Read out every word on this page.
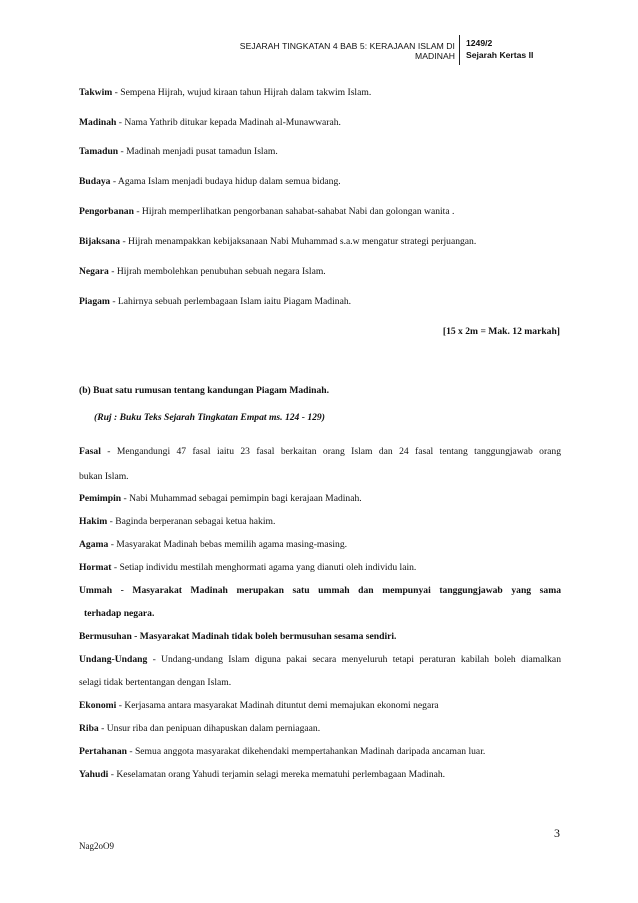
SEJARAH TINGKATAN 4 BAB 5: KERAJAAN ISLAM DI MADINAH
1249/2
Sejarah Kertas II
Takwim - Sempena Hijrah, wujud kiraan tahun Hijrah dalam takwim Islam.
Madinah - Nama Yathrib ditukar kepada Madinah al-Munawwarah.
Tamadun - Madinah menjadi pusat tamadun Islam.
Budaya - Agama Islam menjadi budaya hidup dalam semua bidang.
Pengorbanan - Hijrah memperlihatkan pengorbanan sahabat-sahabat Nabi dan golongan wanita .
Bijaksana - Hijrah menampakkan kebijaksanaan Nabi Muhammad s.a.w mengatur strategi perjuangan.
Negara - Hijrah membolehkan penubuhan sebuah negara Islam.
Piagam - Lahirnya sebuah perlembagaan Islam iaitu Piagam Madinah.
[15 x 2m = Mak. 12 markah]
(b) Buat satu rumusan tentang kandungan Piagam Madinah.
(Ruj : Buku Teks Sejarah Tingkatan Empat ms. 124 - 129)
Fasal - Mengandungi 47 fasal iaitu 23 fasal berkaitan orang Islam dan 24 fasal tentang tanggungjawab orang
bukan Islam.
Pemimpin - Nabi Muhammad sebagai pemimpin bagi kerajaan Madinah.
Hakim - Baginda berperanan sebagai ketua hakim.
Agama - Masyarakat Madinah bebas memilih agama masing-masing.
Hormat - Setiap individu mestilah menghormati agama yang dianuti oleh individu lain.
Ummah - Masyarakat Madinah merupakan satu ummah dan mempunyai tanggungjawab yang sama
terhadap negara.
Bermusuhan - Masyarakat Madinah tidak boleh bermusuhan sesama sendiri.
Undang-Undang - Undang-undang Islam diguna pakai secara menyeluruh tetapi peraturan kabilah boleh diamalkan
selagi tidak bertentangan dengan Islam.
Ekonomi - Kerjasama antara masyarakat Madinah dituntut demi memajukan ekonomi negara
Riba - Unsur riba dan penipuan dihapuskan dalam perniagaan.
Pertahanan - Semua anggota masyarakat dikehendaki mempertahankan Madinah daripada ancaman luar.
Yahudi - Keselamatan orang Yahudi terjamin selagi mereka mematuhi perlembagaan Madinah.
3
Nag2oO9
